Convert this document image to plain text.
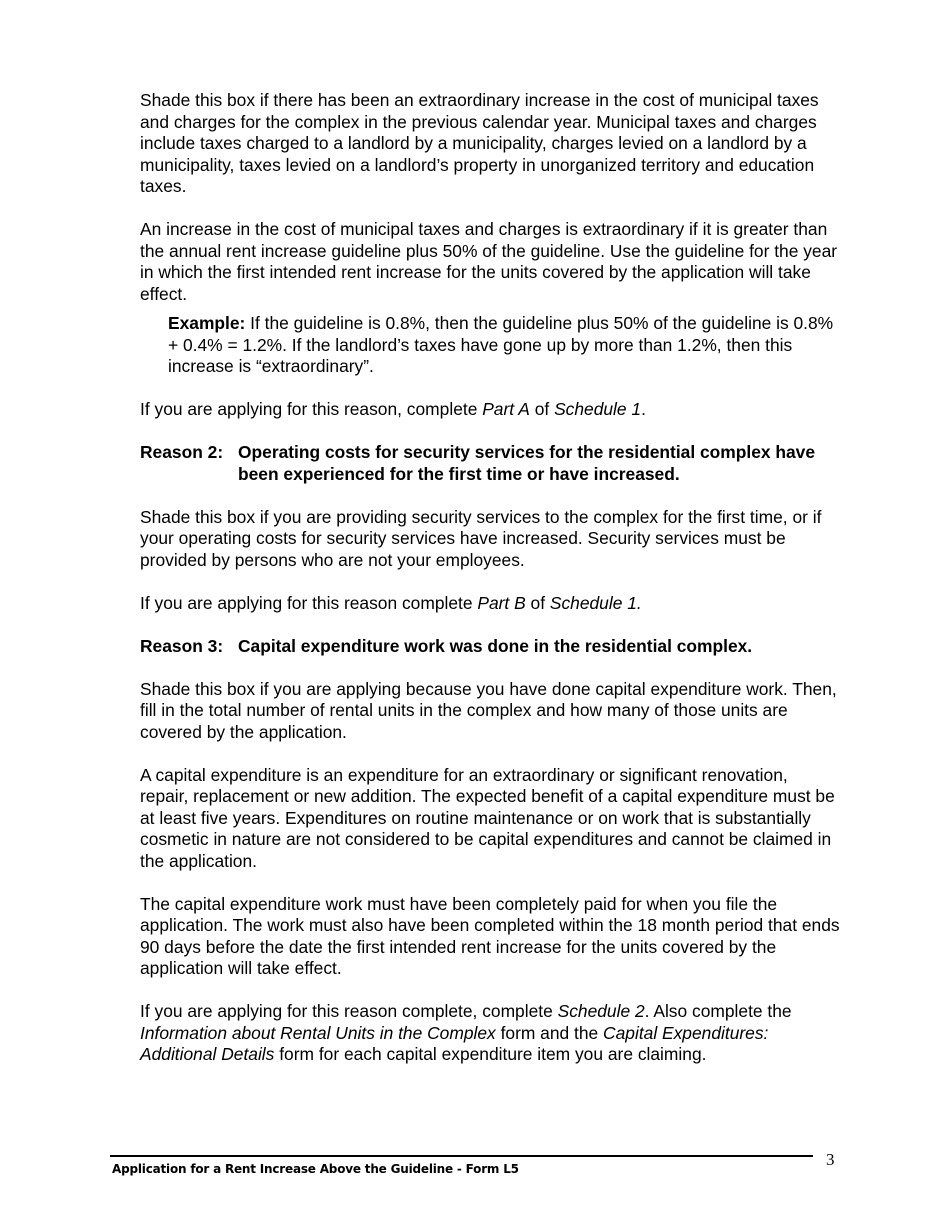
Shade this box if there has been an extraordinary increase in the cost of municipal taxes and charges for the complex in the previous calendar year. Municipal taxes and charges include taxes charged to a landlord by a municipality, charges levied on a landlord by a municipality, taxes levied on a landlord’s property in unorganized territory and education taxes.

An increase in the cost of municipal taxes and charges is extraordinary if it is greater than the annual rent increase guideline plus 50% of the guideline. Use the guideline for the year in which the first intended rent increase for the units covered by the application will take effect.

Example: If the guideline is 0.8%, then the guideline plus 50% of the guideline is 0.8% + 0.4% = 1.2%. If the landlord’s taxes have gone up by more than 1.2%, then this increase is “extraordinary”.

If you are applying for this reason, complete Part A of Schedule 1.

Reason 2: Operating costs for security services for the residential complex have been experienced for the first time or have increased.

Shade this box if you are providing security services to the complex for the first time, or if your operating costs for security services have increased. Security services must be provided by persons who are not your employees.

If you are applying for this reason complete Part B of Schedule 1.

Reason 3: Capital expenditure work was done in the residential complex.

Shade this box if you are applying because you have done capital expenditure work. Then, fill in the total number of rental units in the complex and how many of those units are covered by the application.

A capital expenditure is an expenditure for an extraordinary or significant renovation, repair, replacement or new addition. The expected benefit of a capital expenditure must be at least five years. Expenditures on routine maintenance or on work that is substantially cosmetic in nature are not considered to be capital expenditures and cannot be claimed in the application.

The capital expenditure work must have been completely paid for when you file the application. The work must also have been completed within the 18 month period that ends 90 days before the date the first intended rent increase for the units covered by the application will take effect.

If you are applying for this reason complete, complete Schedule 2. Also complete the Information about Rental Units in the Complex form and the Capital Expenditures: Additional Details form for each capital expenditure item you are claiming.

3
Application for a Rent Increase Above the Guideline - Form L5
